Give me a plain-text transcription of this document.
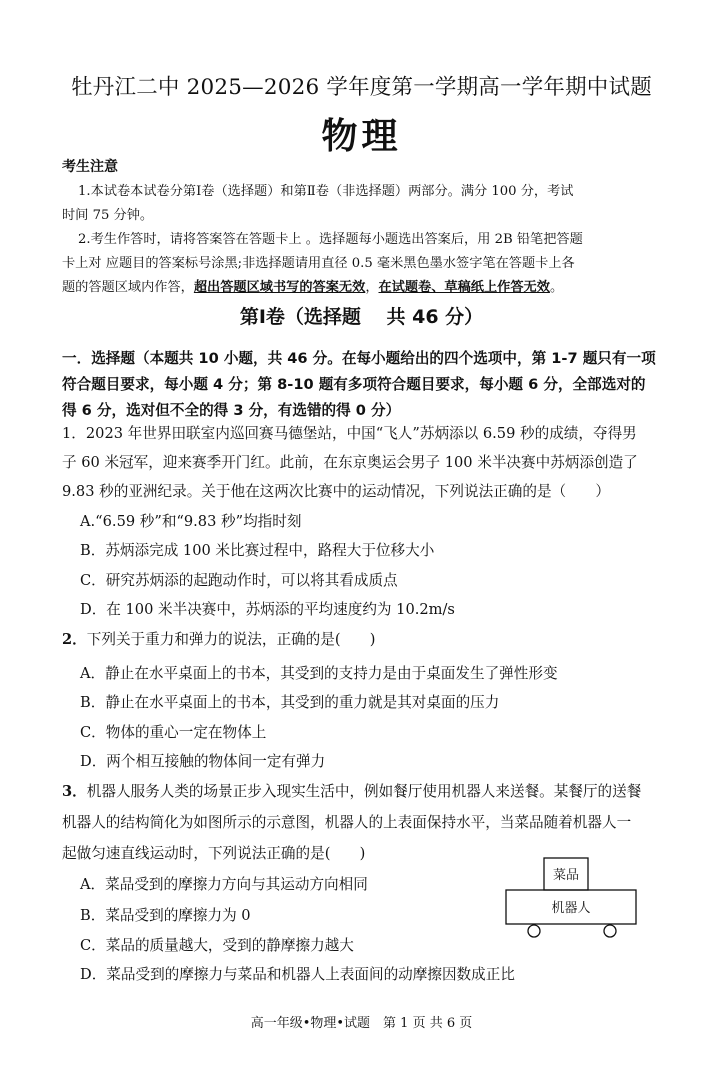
牡丹江二中 2025—2026 学年度第一学期高一学年期中试题
物理
考生注意
1.本试卷本试卷分第Ⅰ卷（选择题）和第Ⅱ卷（非选择题）两部分。满分 100 分，考试
时间 75 分钟。
2.考生作答时，请将答案答在答题卡上 。选择题每小题选出答案后，用 2B 铅笔把答题
卡上对 应题目的答案标号涂黑;非选择题请用直径 0.5 毫米黑色墨水签字笔在答题卡上各
题的答题区域内作答，超出答题区域书写的答案无效，在试题卷、草稿纸上作答无效。
第Ⅰ卷（选择题　 共 46 分）
一．选择题（本题共 10 小题，共 46 分。在每小题给出的四个选项中，第 1-7 题只有一项
符合题目要求，每小题 4 分；第 8-10 题有多项符合题目要求，每小题 6 分，全部选对的
得 6 分，选对但不全的得 3 分，有选错的得 0 分）
1．2023 年世界田联室内巡回赛马德堡站，中国“飞人”苏炳添以 6.59 秒的成绩，夺得男
子 60 米冠军，迎来赛季开门红。此前，在东京奥运会男子 100 米半决赛中苏炳添创造了
9.83 秒的亚洲纪录。关于他在这两次比赛中的运动情况，下列说法正确的是（　　）
A.“6.59 秒”和“9.83 秒”均指时刻
B．苏炳添完成 100 米比赛过程中，路程大于位移大小
C．研究苏炳添的起跑动作时，可以将其看成质点
D．在 100 米半决赛中，苏炳添的平均速度约为 10.2m/s
2．下列关于重力和弹力的说法，正确的是(　　)
A．静止在水平桌面上的书本，其受到的支持力是由于桌面发生了弹性形变
B．静止在水平桌面上的书本，其受到的重力就是其对桌面的压力
C．物体的重心一定在物体上
D．两个相互接触的物体间一定有弹力
3．机器人服务人类的场景正步入现实生活中，例如餐厅使用机器人来送餐。某餐厅的送餐
机器人的结构简化为如图所示的示意图，机器人的上表面保持水平，当菜品随着机器人一
起做匀速直线运动时，下列说法正确的是(　　)
A．菜品受到的摩擦力方向与其运动方向相同
B．菜品受到的摩擦力为 0
C．菜品的质量越大，受到的静摩擦力越大
D．菜品受到的摩擦力与菜品和机器人上表面间的动摩擦因数成正比
菜品
机器人
高一年级•物理•试题　第 1 页 共 6 页
